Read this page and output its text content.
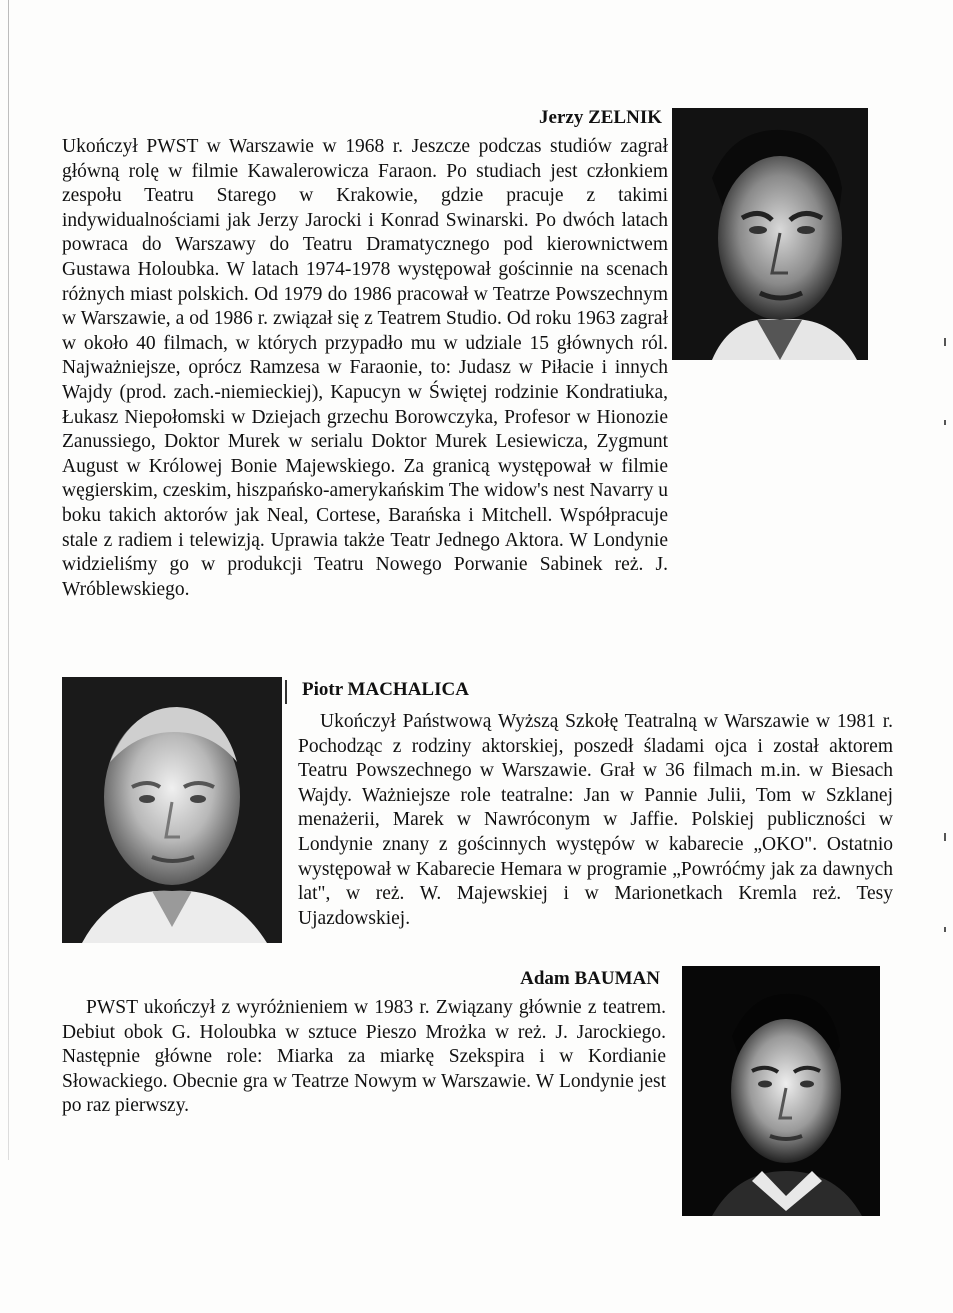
Jerzy ZELNIK
Ukończył PWST w Warszawie w 1968 r. Jeszcze podczas studiów zagrał główną rolę w filmie Kawalerowicza Faraon. Po studiach jest członkiem zespołu Teatru Starego w Krakowie, gdzie pracuje z takimi indywidualnościami jak Jerzy Jarocki i Konrad Swinarski. Po dwóch latach powraca do Warszawy do Teatru Dramatycznego pod kierownictwem Gustawa Holoubka. W latach 1974-1978 występował gościnnie na scenach różnych miast polskich. Od 1979 do 1986 pracował w Teatrze Powszechnym w Warszawie, a od 1986 r. związał się z Teatrem Studio. Od roku 1963 zagrał w około 40 filmach, w których przypadło mu w udziale 15 głównych ról. Najważniejsze, oprócz Ramzesa w Faraonie, to: Judasz w Piłacie i innych Wajdy (prod. zach.-niemieckiej), Kapucyn w Świętej rodzinie Kondratiuka, Łukasz Niepołomski w Dziejach grzechu Borowczyka, Profesor w Hionozie Zanussiego, Doktor Murek w serialu Doktor Murek Lesiewicza, Zygmunt August w Królowej Bonie Majewskiego. Za granicą występował w filmie węgierskim, czeskim, hiszpańsko-amerykańskim The widow's nest Navarry u boku takich aktorów jak Neal, Cortese, Barańska i Mitchell. Współpracuje stale z radiem i telewizją. Uprawia także Teatr Jednego Aktora. W Londynie widzieliśmy go w produkcji Teatru Nowego Porwanie Sabinek reż. J. Wróblewskiego.
Piotr MACHALICA
Ukończył Państwową Wyższą Szkołę Teatralną w Warszawie w 1981 r. Pochodząc z rodziny aktorskiej, poszedł śladami ojca i został aktorem Teatru Powszechnego w Warszawie. Grał w 36 filmach m.in. w Biesach Wajdy. Ważniejsze role teatralne: Jan w Pannie Julii, Tom w Szklanej menażerii, Marek w Nawróconym w Jaffie. Polskiej publiczności w Londynie znany z gościnnych występów w kabarecie „OKO". Ostatnio występował w Kabarecie Hemara w programie „Powróćmy jak za dawnych lat", w reż. W. Majewskiej i w Marionetkach Kremla reż. Tesy Ujazdowskiej.
Adam BAUMAN
PWST ukończył z wyróżnieniem w 1983 r. Związany głównie z teatrem. Debiut obok G. Holoubka w sztuce Pieszo Mrożka w reż. J. Jarockiego. Następnie główne role: Miarka za miarkę Szekspira i w Kordianie Słowackiego. Obecnie gra w Teatrze Nowym w Warszawie. W Londynie jest po raz pierwszy.
